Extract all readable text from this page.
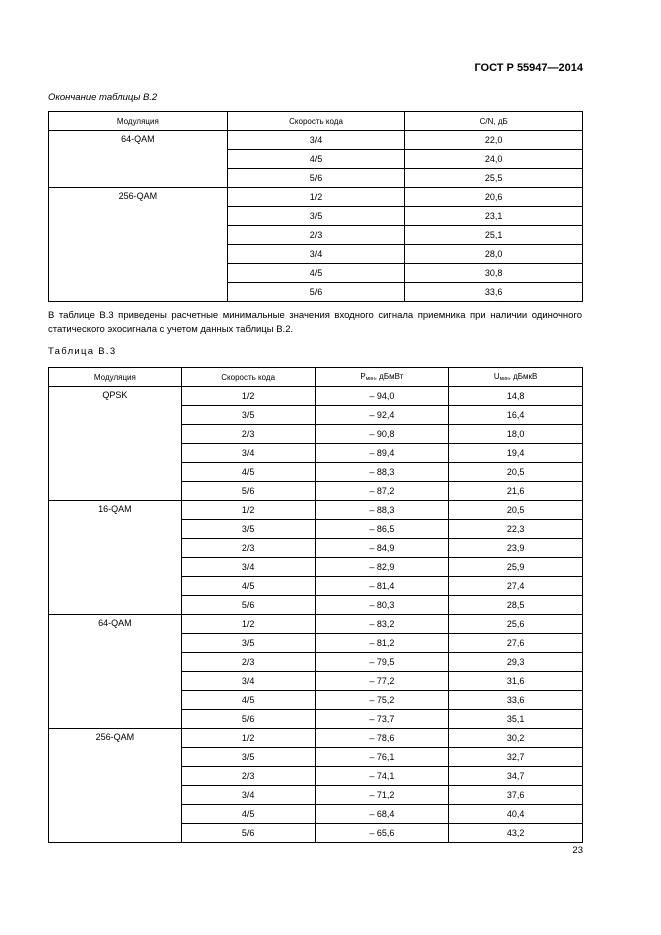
ГОСТ Р 55947—2014
Окончание таблицы В.2
Модуляция	Скорость кода	C/N, дБ
64-QAM	3/4	22,0
	4/5	24,0
	5/6	25,5
256-QAM	1/2	20,6
	3/5	23,1
	2/3	25,1
	3/4	28,0
	4/5	30,8
	5/6	33,6
В таблице В.3 приведены расчетные минимальные значения входного сигнала приемника при наличии одиночного статического эхосигнала с учетом данных таблицы В.2.
Таблица В.3
Модуляция	Скорость кода	$P_{мин}$, дБмВт	$U_{мин}$, дБмкВ
QPSK	1/2	– 94,0	14,8
	3/5	– 92,4	16,4
	2/3	– 90,8	18,0
	3/4	– 89,4	19,4
	4/5	– 88,3	20,5
	5/6	– 87,2	21,6
16-QAM	1/2	– 88,3	20,5
	3/5	– 86,5	22,3
	2/3	– 84,9	23,9
	3/4	– 82,9	25,9
	4/5	– 81,4	27,4
	5/6	– 80,3	28,5
64-QAM	1/2	– 83,2	25,6
	3/5	– 81,2	27,6
	2/3	– 79,5	29,3
	3/4	– 77,2	31,6
	4/5	– 75,2	33,6
	5/6	– 73,7	35,1
256-QAM	1/2	– 78,6	30,2
	3/5	– 76,1	32,7
	2/3	– 74,1	34,7
	3/4	– 71,2	37,6
	4/5	– 68,4	40,4
	5/6	– 65,6	43,2
23
